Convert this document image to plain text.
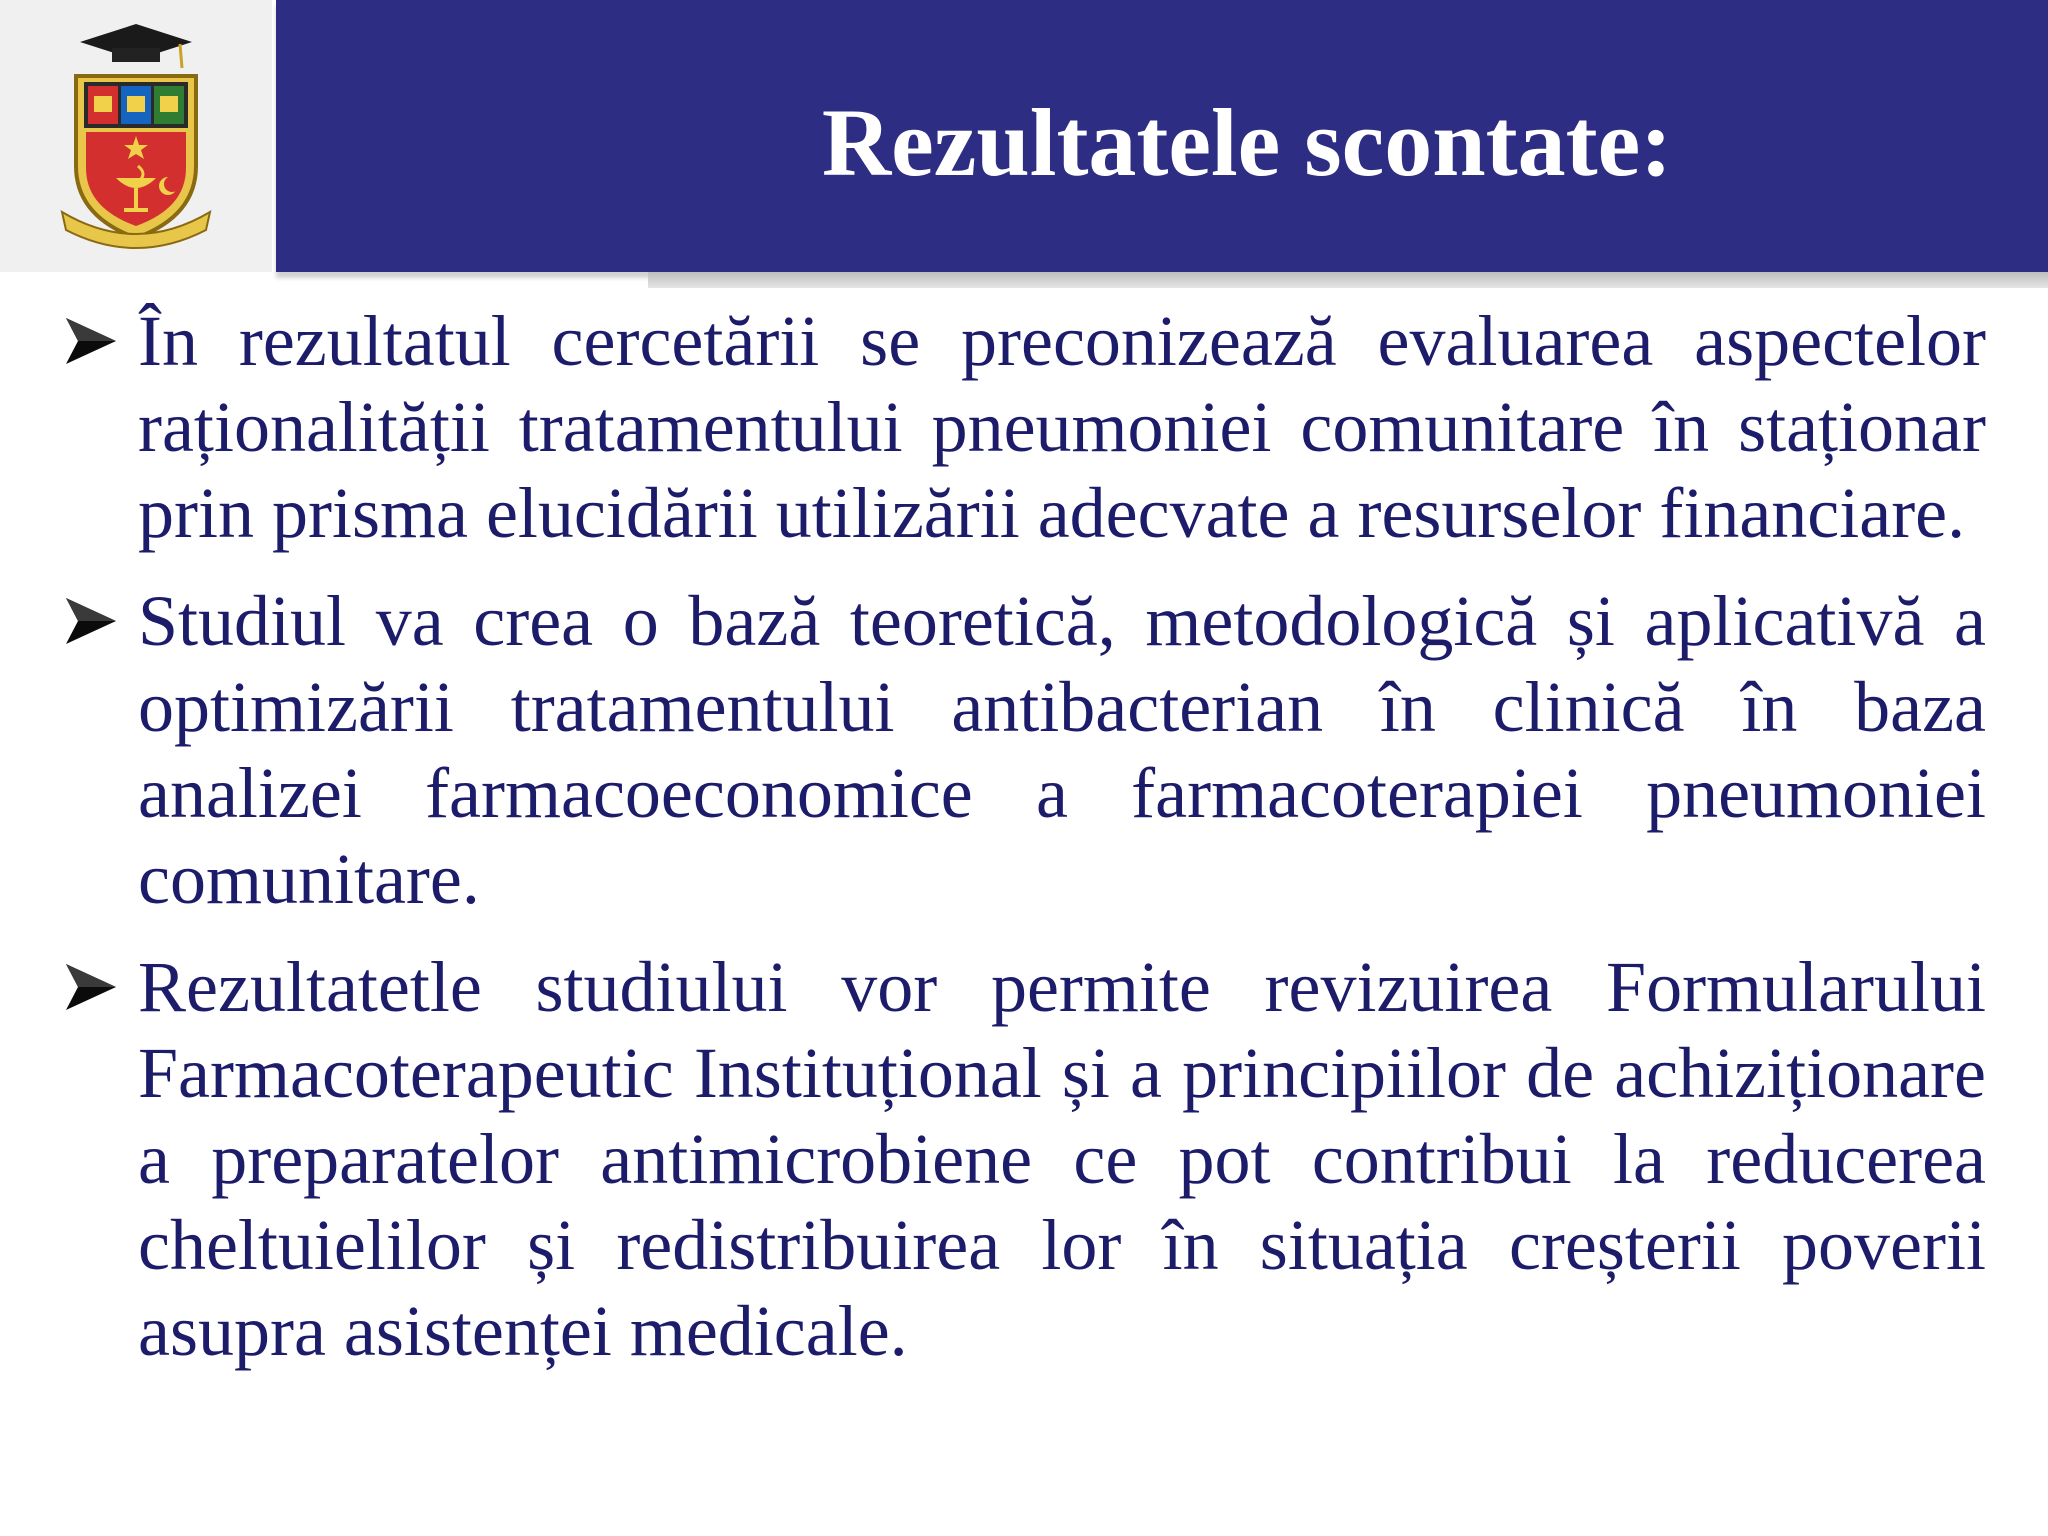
Rezultatele scontate:

În rezultatul cercetării se preconizează evaluarea aspectelor raționalității tratamentului pneumoniei comunitare în staționar prin prisma elucidării utilizării adecvate a resurselor financiare.

Studiul va crea o bază teoretică, metodologică și aplicativă a optimizării tratamentului antibacterian în clinică în baza analizei farmacoeconomice a farmacoterapiei pneumoniei comunitare.

Rezultatetle studiului vor permite revizuirea Formularului Farmacoterapeutic Instituțional și a principiilor de achiziționare a preparatelor antimicrobiene ce pot contribui la reducerea cheltuielilor și redistribuirea lor în situația creșterii poverii asupra asistenței medicale.
